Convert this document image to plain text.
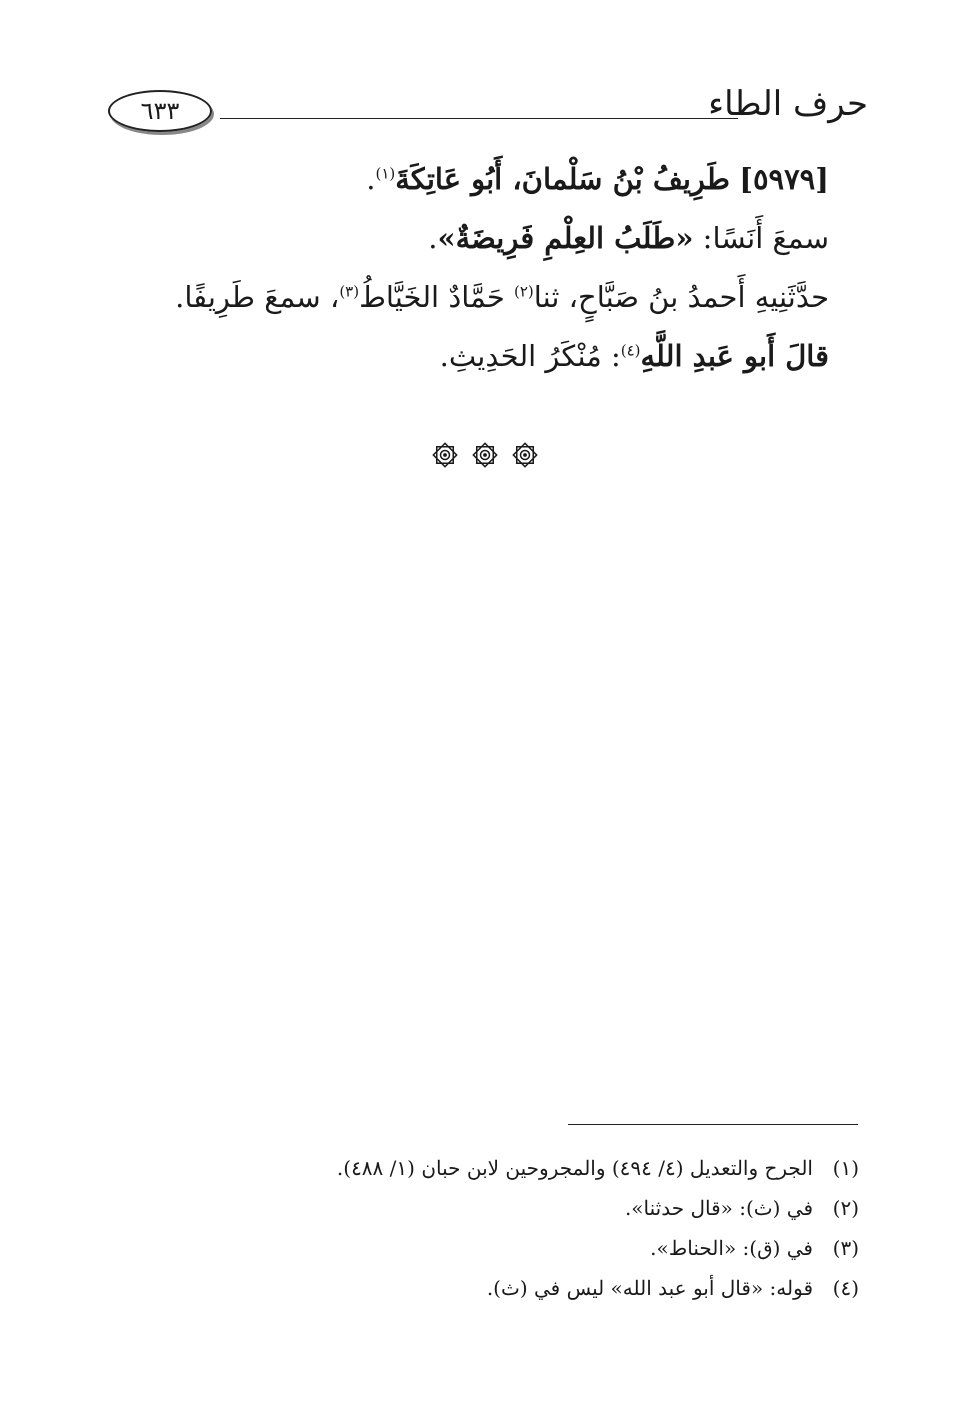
٦٣٣	حرف الطاء
[٥٩٧٩] طَرِيفُ بْنُ سَلْمانَ، أَبُو عَاتِكَةَ$^{(١)}$.
سمعَ أَنَسًا: «طَلَبُ العِلْمِ فَرِيضَةٌ».
حدَّثَنِيهِ أَحمدُ بنُ صَبَّاحٍ، ثنا$^{(٢)}$ حَمَّادٌ الخَيَّاطُ$^{(٣)}$، سمعَ طَرِيفًا.
قالَ أَبو عَبدِ اللَّهِ$^{(٤)}$: مُنْكَرُ الحَدِيثِ.
(١)الجرح والتعديل (٤/ ٤٩٤) والمجروحين لابن حبان (١/ ٤٨٨).
(٢)في (ث): «قال حدثنا».
(٣)في (ق): «الحناط».
(٤)قوله: «قال أبو عبد الله» ليس في (ث).
